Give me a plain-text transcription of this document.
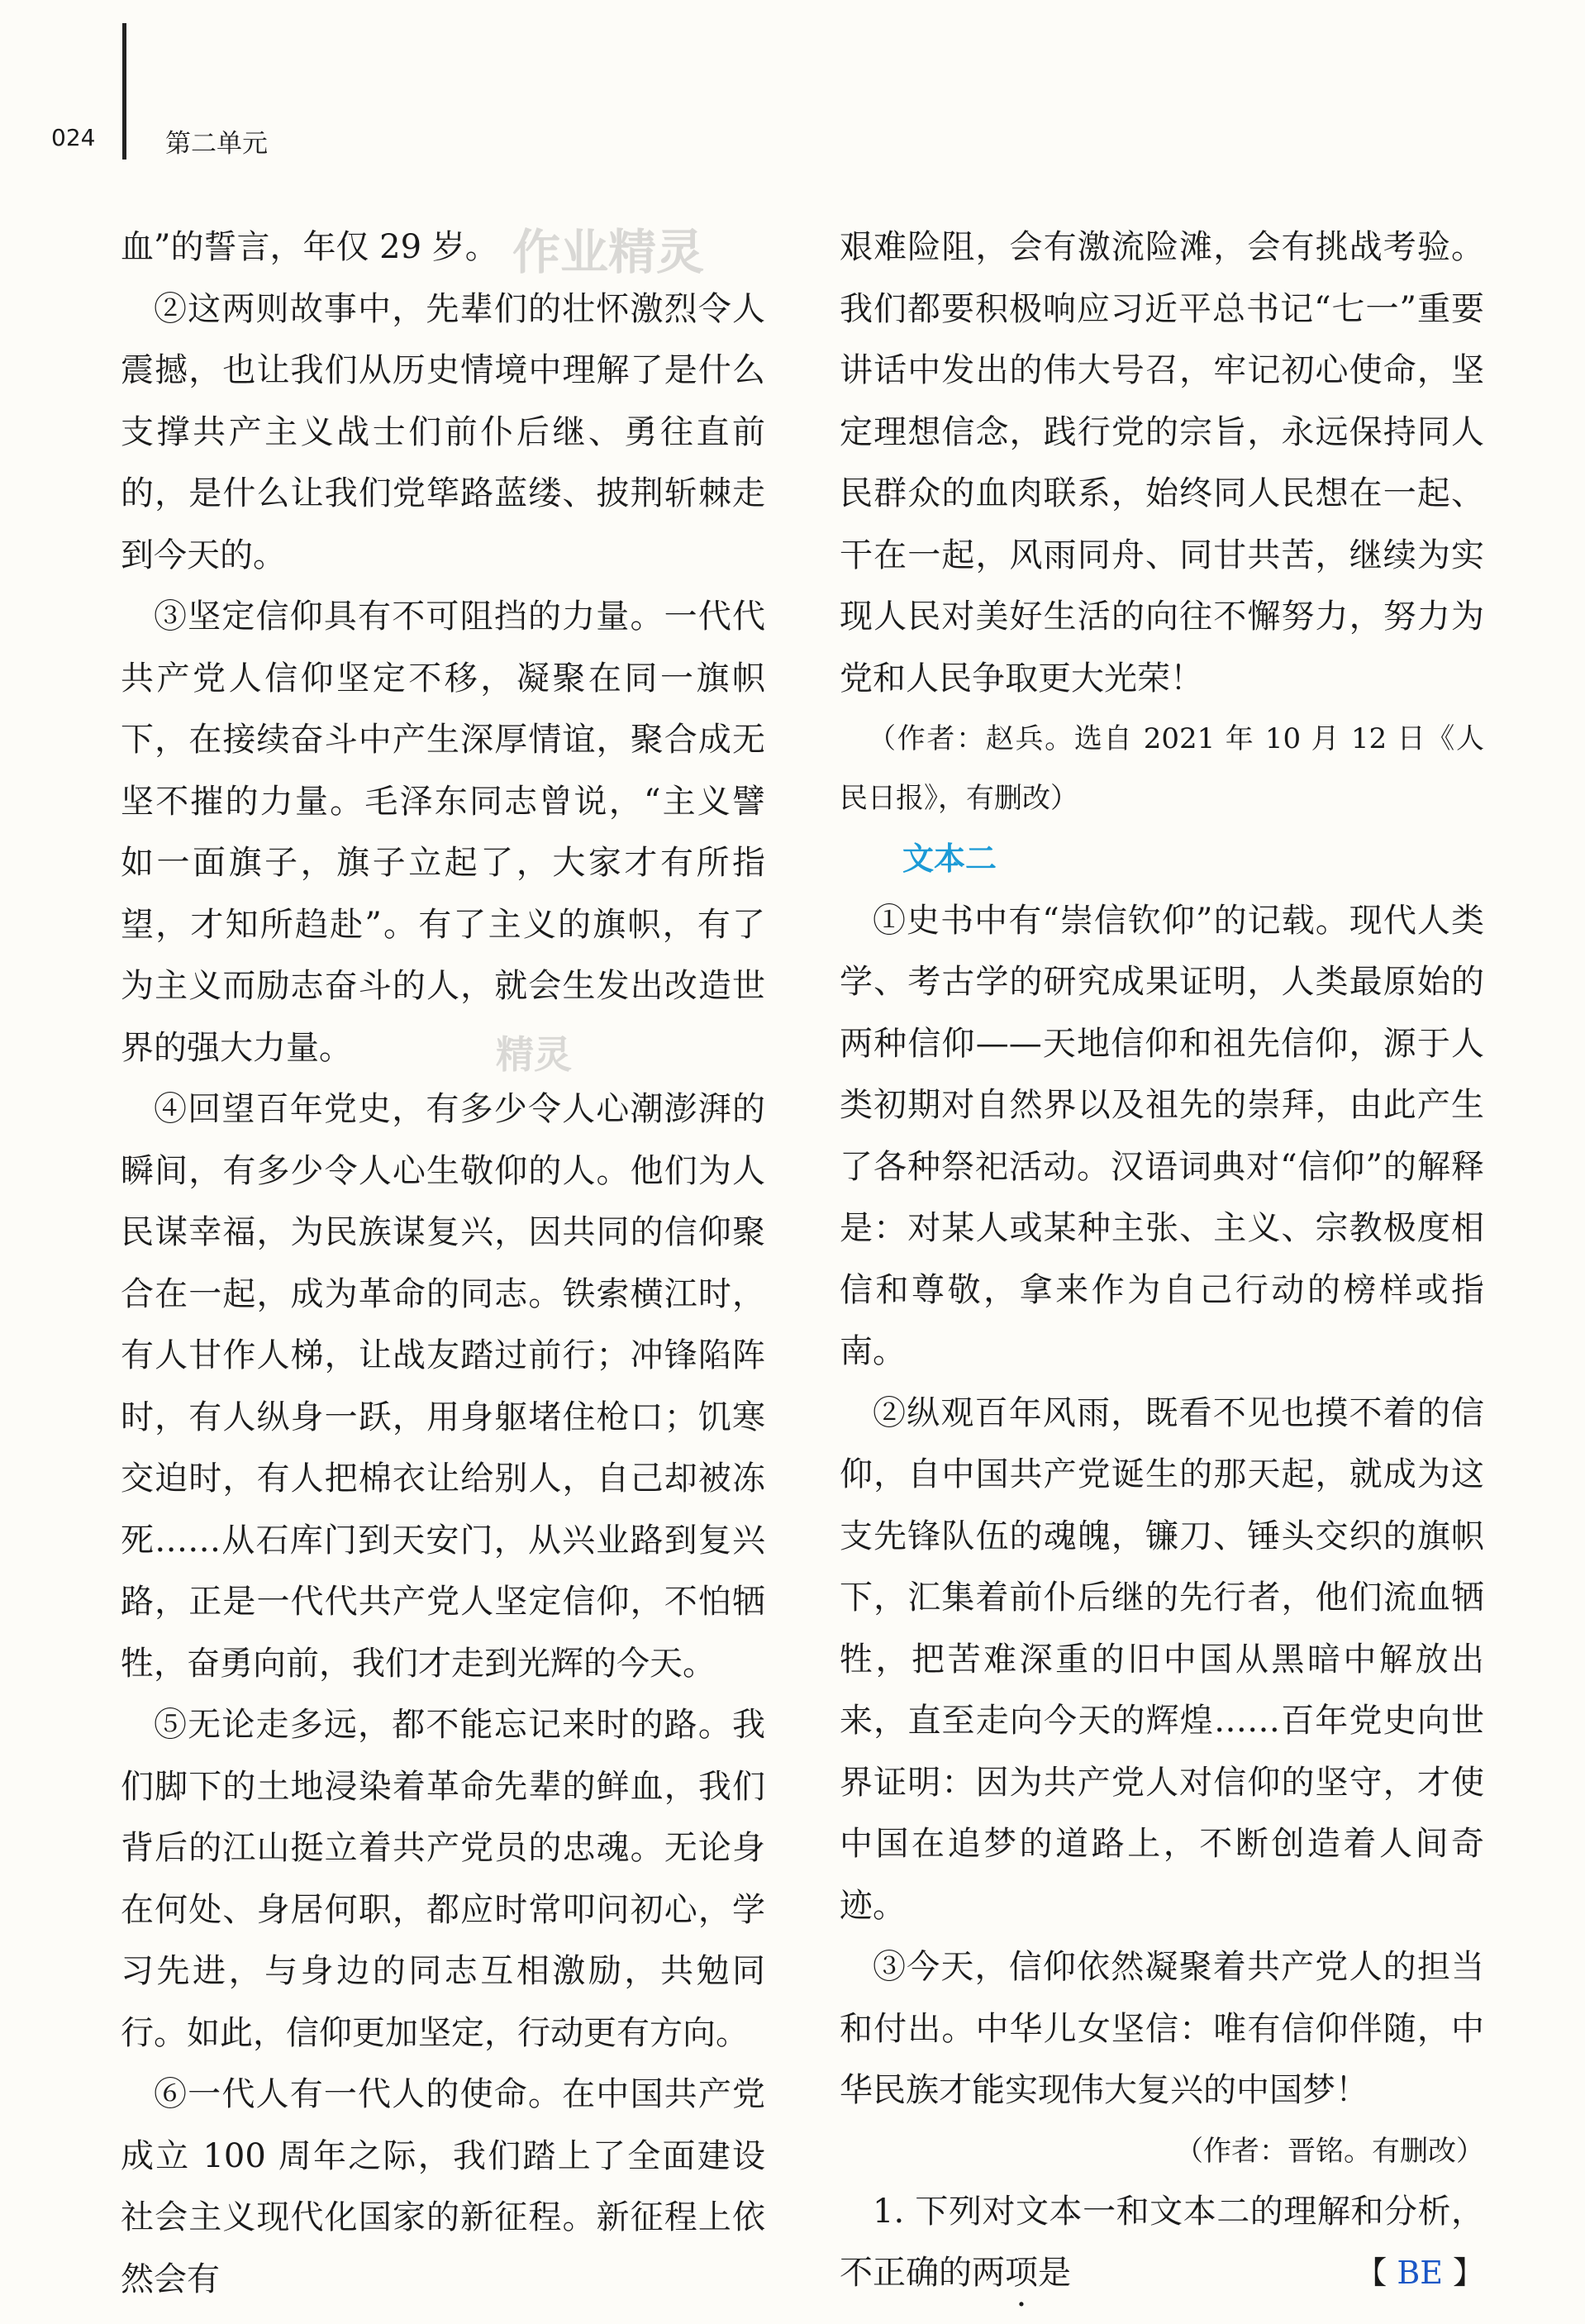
024	第二单元
作业精灵
精灵

血”的誓言，年仅 29 岁。

②这两则故事中，先辈们的壮怀激烈令人震撼，也让我们从历史情境中理解了是什么支撑共产主义战士们前仆后继、勇往直前的，是什么让我们党筚路蓝缕、披荆斩棘走到今天的。

③坚定信仰具有不可阻挡的力量。一代代共产党人信仰坚定不移，凝聚在同一旗帜下，在接续奋斗中产生深厚情谊，聚合成无坚不摧的力量。毛泽东同志曾说，“主义譬如一面旗子，旗子立起了，大家才有所指望，才知所趋赴”。有了主义的旗帜，有了为主义而励志奋斗的人，就会生发出改造世界的强大力量。

④回望百年党史，有多少令人心潮澎湃的瞬间，有多少令人心生敬仰的人。他们为人民谋幸福，为民族谋复兴，因共同的信仰聚合在一起，成为革命的同志。铁索横江时，有人甘作人梯，让战友踏过前行；冲锋陷阵时，有人纵身一跃，用身躯堵住枪口；饥寒交迫时，有人把棉衣让给别人，自己却被冻死……从石库门到天安门，从兴业路到复兴路，正是一代代共产党人坚定信仰，不怕牺牲，奋勇向前，我们才走到光辉的今天。

⑤无论走多远，都不能忘记来时的路。我们脚下的土地浸染着革命先辈的鲜血，我们背后的江山挺立着共产党员的忠魂。无论身在何处、身居何职，都应时常叩问初心，学习先进，与身边的同志互相激励，共勉同行。如此，信仰更加坚定，行动更有方向。

⑥一代人有一代人的使命。在中国共产党成立 100 周年之际，我们踏上了全面建设社会主义现代化国家的新征程。新征程上依然会有

艰难险阻，会有激流险滩，会有挑战考验。我们都要积极响应习近平总书记“七一”重要讲话中发出的伟大号召，牢记初心使命，坚定理想信念，践行党的宗旨，永远保持同人民群众的血肉联系，始终同人民想在一起、干在一起，风雨同舟、同甘共苦，继续为实现人民对美好生活的向往不懈努力，努力为党和人民争取更大光荣！

（作者：赵兵。选自 2021 年 10 月 12 日《人民日报》，有删改）

文本二

①史书中有“崇信钦仰”的记载。现代人类学、考古学的研究成果证明，人类最原始的两种信仰——天地信仰和祖先信仰，源于人类初期对自然界以及祖先的崇拜，由此产生了各种祭祀活动。汉语词典对“信仰”的解释是：对某人或某种主张、主义、宗教极度相信和尊敬，拿来作为自己行动的榜样或指南。

②纵观百年风雨，既看不见也摸不着的信仰，自中国共产党诞生的那天起，就成为这支先锋队伍的魂魄，镰刀、锤头交织的旗帜下，汇集着前仆后继的先行者，他们流血牺牲，把苦难深重的旧中国从黑暗中解放出来，直至走向今天的辉煌……百年党史向世界证明：因为共产党人对信仰的坚守，才使中国在追梦的道路上，不断创造着人间奇迹。

③今天，信仰依然凝聚着共产党人的担当和付出。中华儿女坚信：唯有信仰伴随，中华民族才能实现伟大复兴的中国梦！

（作者：晋铭。有删改）

1. 下列对文本一和文本二的理解和分析，不正确的两项是	【 BE 】
